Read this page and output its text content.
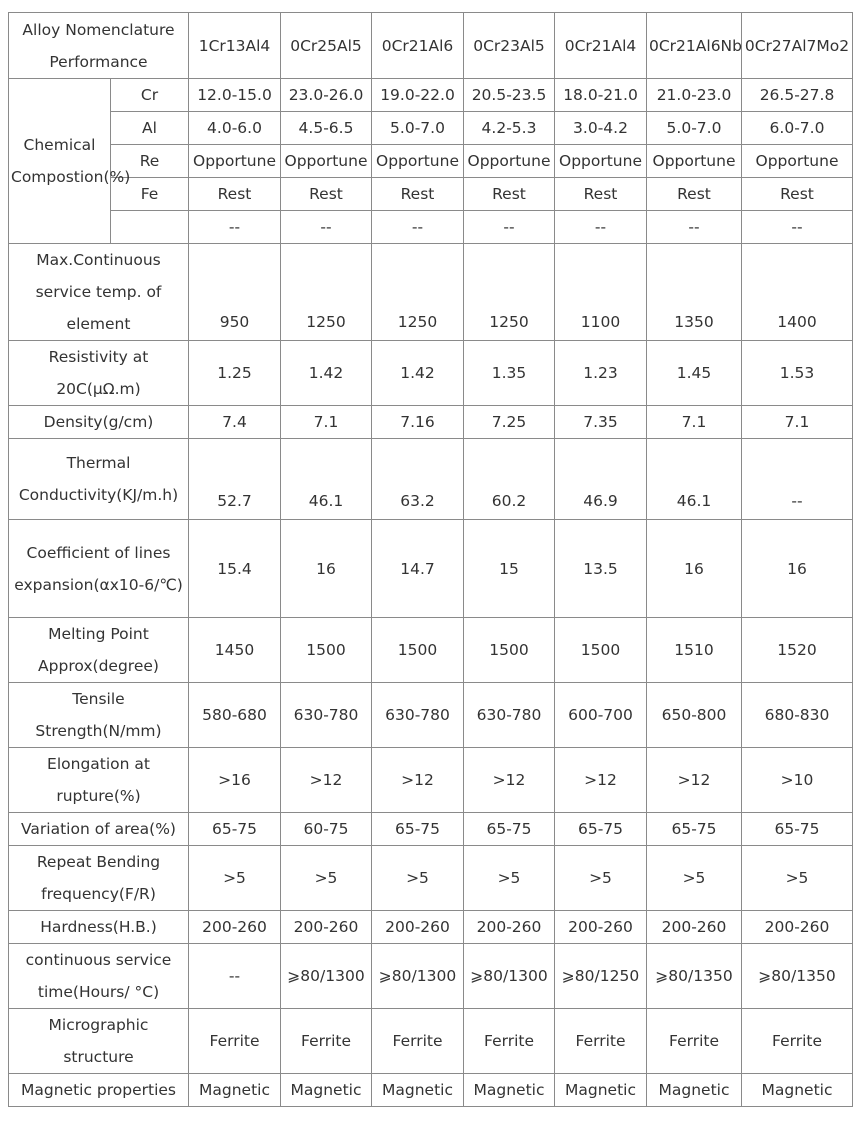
Alloy Nomenclature Performance		1Cr13Al4	0Cr25Al5	0Cr21Al6	0Cr23Al5	0Cr21Al4	0Cr21Al6Nb	0Cr27Al7Mo2
Chemical Compostion(%)	Cr	12.0-15.0	23.0-26.0	19.0-22.0	20.5-23.5	18.0-21.0	21.0-23.0	26.5-27.8
	Al	4.0-6.0	4.5-6.5	5.0-7.0	4.2-5.3	3.0-4.2	5.0-7.0	6.0-7.0
	Re	Opportune	Opportune	Opportune	Opportune	Opportune	Opportune	Opportune
	Fe	Rest	Rest	Rest	Rest	Rest	Rest	Rest
		--	--	--	--	--	--	--
Max.Continuous service temp. of element		950	1250	1250	1250	1100	1350	1400
Resistivity at 20C(μΩ.m)		1.25	1.42	1.42	1.35	1.23	1.45	1.53
Density(g/cm)		7.4	7.1	7.16	7.25	7.35	7.1	7.1
Thermal Conductivity(KJ/m.h)		52.7	46.1	63.2	60.2	46.9	46.1	--
Coefficient of lines expansion(αx10-6/℃)		15.4	16	14.7	15	13.5	16	16
Melting Point Approx(degree)		1450	1500	1500	1500	1500	1510	1520
Tensile Strength(N/mm)		580-680	630-780	630-780	630-780	600-700	650-800	680-830
Elongation at rupture(%)		>16	>12	>12	>12	>12	>12	>10
Variation of area(%)		65-75	60-75	65-75	65-75	65-75	65-75	65-75
Repeat Bending frequency(F/R)		>5	>5	>5	>5	>5	>5	>5
Hardness(H.B.)		200-260	200-260	200-260	200-260	200-260	200-260	200-260
continuous service time(Hours/ °C)		--	⩾80/1300	⩾80/1300	⩾80/1300	⩾80/1250	⩾80/1350	⩾80/1350
Micrographic structure		Ferrite	Ferrite	Ferrite	Ferrite	Ferrite	Ferrite	Ferrite
Magnetic properties		Magnetic	Magnetic	Magnetic	Magnetic	Magnetic	Magnetic	Magnetic
